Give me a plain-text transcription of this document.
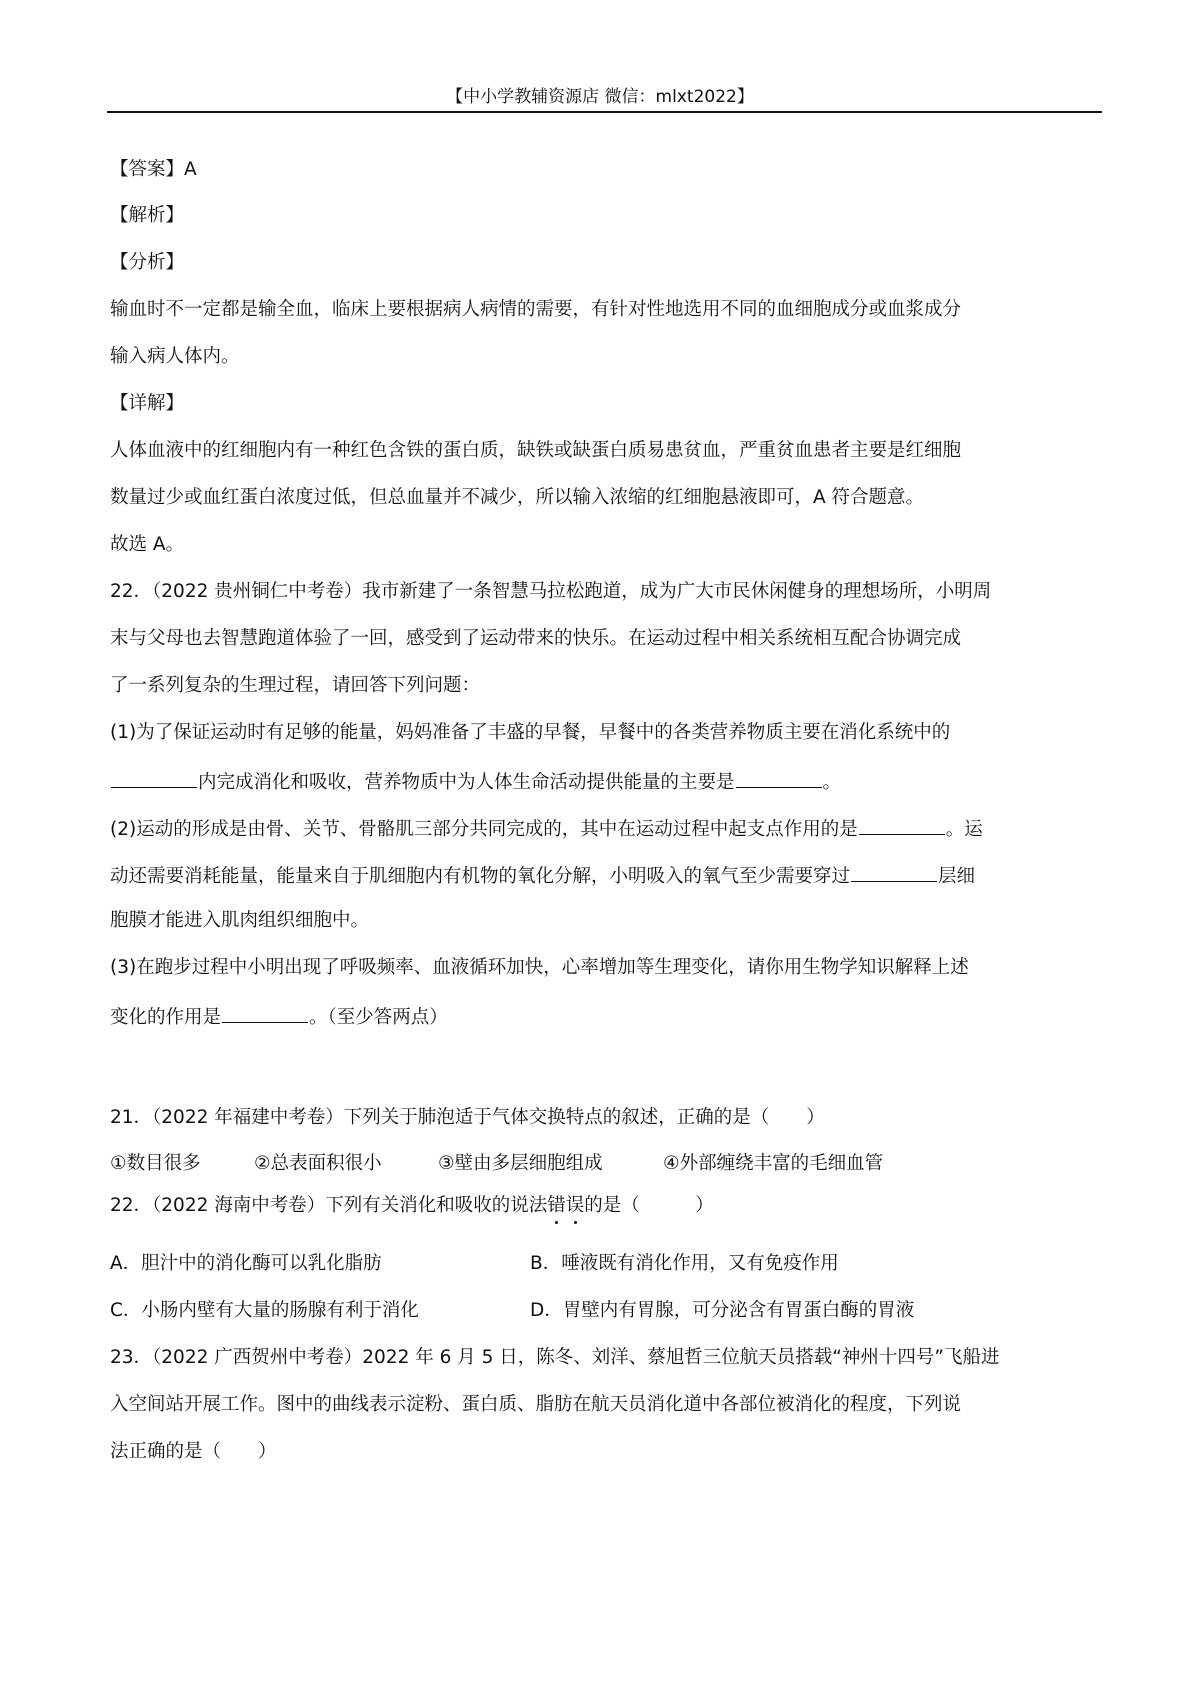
【中小学教辅资源店 微信：mlxt2022】
【答案】A
【解析】
【分析】
输血时不一定都是输全血，临床上要根据病人病情的需要，有针对性地选用不同的血细胞成分或血浆成分
输入病人体内。
【详解】
人体血液中的红细胞内有一种红色含铁的蛋白质，缺铁或缺蛋白质易患贫血，严重贫血患者主要是红细胞
数量过少或血红蛋白浓度过低，但总血量并不减少，所以输入浓缩的红细胞悬液即可，A 符合题意。
故选 A。
22．（2022 贵州铜仁中考卷）我市新建了一条智慧马拉松跑道，成为广大市民休闲健身的理想场所，小明周
末与父母也去智慧跑道体验了一回，感受到了运动带来的快乐。在运动过程中相关系统相互配合协调完成
了一系列复杂的生理过程，请回答下列问题：
(1)为了保证运动时有足够的能量，妈妈准备了丰盛的早餐，早餐中的各类营养物质主要在消化系统中的
内完成消化和吸收，营养物质中为人体生命活动提供能量的主要是	。
(2)运动的形成是由骨、关节、骨骼肌三部分共同完成的，其中在运动过程中起支点作用的是	。运
动还需要消耗能量，能量来自于肌细胞内有机物的氧化分解，小明吸入的氧气至少需要穿过	层细
胞膜才能进入肌肉组织细胞中。
(3)在跑步过程中小明出现了呼吸频率、血液循环加快，心率增加等生理变化，请你用生物学知识解释上述
变化的作用是	。（至少答两点）
21．（2022 年福建中考卷）下列关于肺泡适于气体交换特点的叙述，正确的是（　　）
①数目很多	②总表面积很小	③壁由多层细胞组成	④外部缠绕丰富的毛细血管
22．（2022 海南中考卷）下列有关消化和吸收的说法错误的是（　　　）
A．胆汁中的消化酶可以乳化脂肪	B．唾液既有消化作用，又有免疫作用
C．小肠内壁有大量的肠腺有利于消化	D．胃壁内有胃腺，可分泌含有胃蛋白酶的胃液
23．（2022 广西贺州中考卷）2022 年 6 月 5 日，陈冬、刘洋、蔡旭哲三位航天员搭载“神州十四号”飞船进
入空间站开展工作。图中的曲线表示淀粉、蛋白质、脂肪在航天员消化道中各部位被消化的程度，下列说
法正确的是（　　）
